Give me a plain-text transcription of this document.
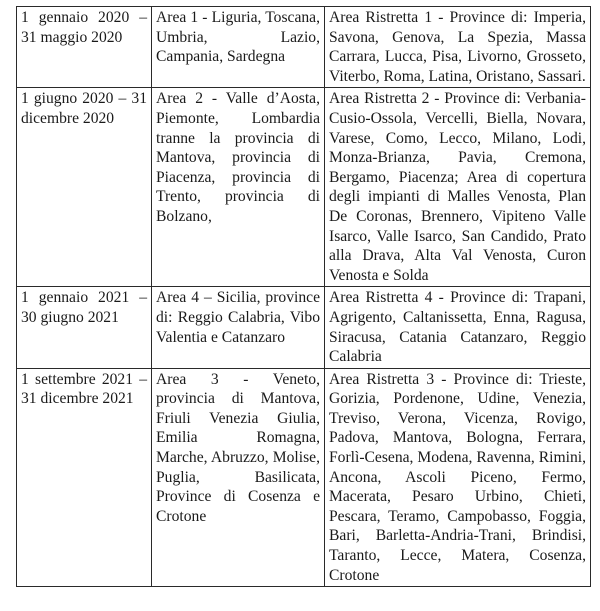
1 gennaio 2020 – 31 maggio 2020	Area 1 - Liguria, Toscana, Umbria, Lazio, Campania, Sardegna	Area Ristretta 1 - Province di: Imperia, Savona, Genova, La Spezia, Massa Carrara, Lucca, Pisa, Livorno, Grosseto, Viterbo, Roma, Latina, Oristano, Sassari.
1 giugno 2020 – 31 dicembre 2020	Area 2 - Valle d’Aosta, Piemonte, Lombardia tranne la provincia di Mantova, provincia di Piacenza, provincia di Trento, provincia di Bolzano,	Area Ristretta 2 - Province di: Verbania-Cusio-Ossola, Vercelli, Biella, Novara, Varese, Como, Lecco, Milano, Lodi, Monza-Brianza, Pavia, Cremona, Bergamo, Piacenza; Area di copertura degli impianti di Malles Venosta, Plan De Coronas, Brennero, Vipiteno Valle Isarco, Valle Isarco, San Candido, Prato alla Drava, Alta Val Venosta, Curon Venosta e Solda
1 gennaio 2021 – 30 giugno 2021	Area 4 – Sicilia, province di: Reggio Calabria, Vibo Valentia e Catanzaro	Area Ristretta 4 - Province di: Trapani, Agrigento, Caltanissetta, Enna, Ragusa, Siracusa, Catania Catanzaro, Reggio Calabria
1 settembre 2021 – 31 dicembre 2021	Area 3 - Veneto, provincia di Mantova, Friuli Venezia Giulia, Emilia Romagna, Marche, Abruzzo, Molise, Puglia, Basilicata, Province di Cosenza e Crotone	Area Ristretta 3 - Province di: Trieste, Gorizia, Pordenone, Udine, Venezia, Treviso, Verona, Vicenza, Rovigo, Padova, Mantova, Bologna, Ferrara, Forlì-Cesena, Modena, Ravenna, Rimini, Ancona, Ascoli Piceno, Fermo, Macerata, Pesaro Urbino, Chieti, Pescara, Teramo, Campobasso, Foggia, Bari, Barletta-Andria-Trani, Brindisi, Taranto, Lecce, Matera, Cosenza, Crotone
